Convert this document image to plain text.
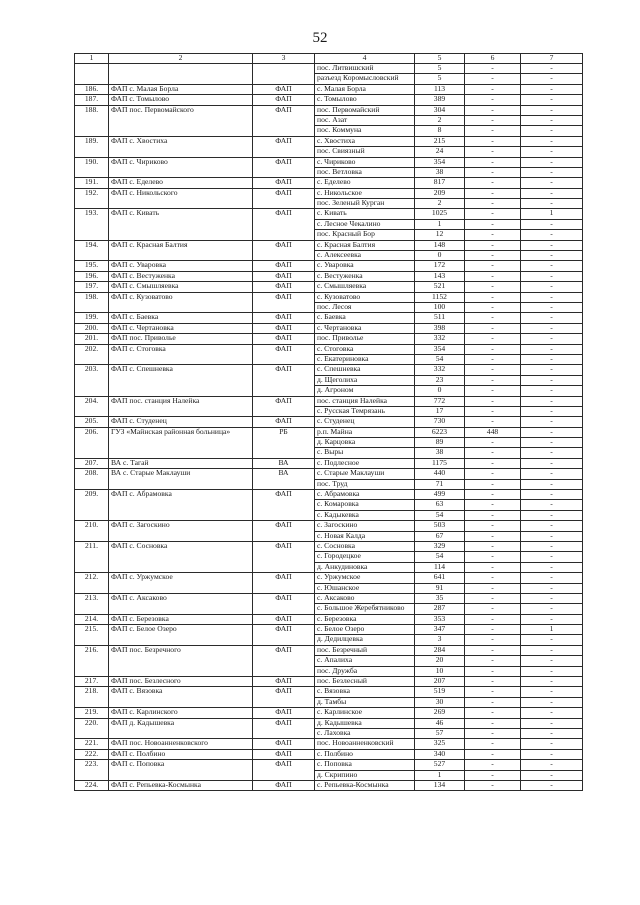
52
1	2	3	4	5	6	7
			пос. Литвишский	5	-	-
			разъезд Коромысловский	5	-	-
186.	ФАП с. Малая Борла	ФАП	с. Малая Борла	113	-	-
187.	ФАП с. Томылово	ФАП	с. Томылово	389	-	-
188.	ФАП пос. Первомайского	ФАП	пос. Первомайский	304	-	-
			пос. Азат	2	-	-
			пос. Коммуна	8	-	-
189.	ФАП с. Хвостиха	ФАП	с. Хвостиха	215	-	-
			пос. Свиязный	24	-	-
190.	ФАП с. Чириково	ФАП	с. Чириково	354	-	-
			пос. Ветловка	38	-	-
191.	ФАП с. Еделево	ФАП	с. Еделево	817	-	-
192.	ФАП с. Никольского	ФАП	с. Никольское	209	-	-
			пос. Зеленый Курган	2	-	-
193.	ФАП с. Кивать	ФАП	с. Кивать	1025	-	1
			с. Лесное Чекалино	1	-	-
			пос. Красный Бор	12	-	-
194.	ФАП с. Красная Балтия	ФАП	с. Красная Балтия	148	-	-
			с. Алексеевка	0	-	-
195.	ФАП с. Уваровка	ФАП	с. Уваровка	172	-	-
196.	ФАП с. Вестуженка	ФАП	с. Вестуженка	143	-	-
197.	ФАП с. Смышляевка	ФАП	с. Смышляевка	521	-	-
198.	ФАП с. Кузоватово	ФАП	с. Кузоватово	1152	-	-
			пос. Лесоя	100	-	-
199.	ФАП с. Баевка	ФАП	с. Баевка	511	-	-
200.	ФАП с. Чертановка	ФАП	с. Чертановка	398	-	-
201.	ФАП пос. Приволье	ФАП	пос. Приволье	332	-	-
202.	ФАП с. Стоговка	ФАП	с. Стоговка	354	-	-
			с. Екатериновка	54	-	-
203.	ФАП с. Спешневка	ФАП	с. Спешневка	332	-	-
			д. Щеголиха	23	-	-
			д. Агроном	0	-	-
204.	ФАП пос. станция Налейка	ФАП	пос. станция Налейка	772	-	-
			с. Русская Темрязань	17	-	-
205.	ФАП с. Студенец	ФАП	с. Студенец	730	-	-
206.	ГУЗ «Майнская районная больница»	РБ	р.п. Майна	6223	448	-
			д. Карцовка	89	-	-
			с. Выры	38	-	-
207.	ВА с. Тагай	ВА	с. Подлесное	1175	-	-
208.	ВА с. Старые Маклауши	ВА	с. Старые Маклауши	440	-	-
			пос. Труд	71	-	-
209.	ФАП с. Абрамовка	ФАП	с. Абрамовка	499	-	-
			с. Комаровка	63	-	-
			с. Кадыкевка	54	-	-
210.	ФАП с. Загоскино	ФАП	с. Загоскино	503	-	-
			с. Новая Калда	67	-	-
211.	ФАП с. Сосновка	ФАП	с. Сосновка	329	-	-
			с. Городецкое	54	-	-
			д. Анкудиновка	114	-	-
212.	ФАП с. Уржумское	ФАП	с. Уржумское	641	-	-
			с. Юшанское	91	-	-
213.	ФАП с. Аксаково	ФАП	с. Аксаково	35	-	-
			с. Большое Жеребятниково	287	-	-
214.	ФАП с. Березовка	ФАП	с. Березовка	353	-	-
215.	ФАП с. Белое Озеро	ФАП	с. Белое Озеро	347	-	1
			д. Дедилцевка	3	-	-
216.	ФАП пос. Безречного	ФАП	пос. Безречный	284	-	-
			с. Апалиха	20	-	-
			пос. Дружба	10	-	-
217.	ФАП пос. Безлесного	ФАП	пос. Безлесный	207	-	-
218.	ФАП с. Вязовка	ФАП	с. Вязовка	519	-	-
			д. Тамбы	30	-	-
219.	ФАП с. Карлинского	ФАП	с. Карлинское	269	-	-
220.	ФАП д. Кадышевка	ФАП	д. Кадышевка	46	-	-
			с. Лаховка	57	-	-
221.	ФАП пос. Новоанненковского	ФАП	пос. Новоанненковский	325	-	-
222.	ФАП с. Полбино	ФАП	с. Полбино	340	-	-
223.	ФАП с. Поповка	ФАП	с. Поповка	527	-	-
			д. Скрипино	1	-	-
224.	ФАП с. Репьевка-Космынка	ФАП	с. Репьевка-Космынка	134	-	-
